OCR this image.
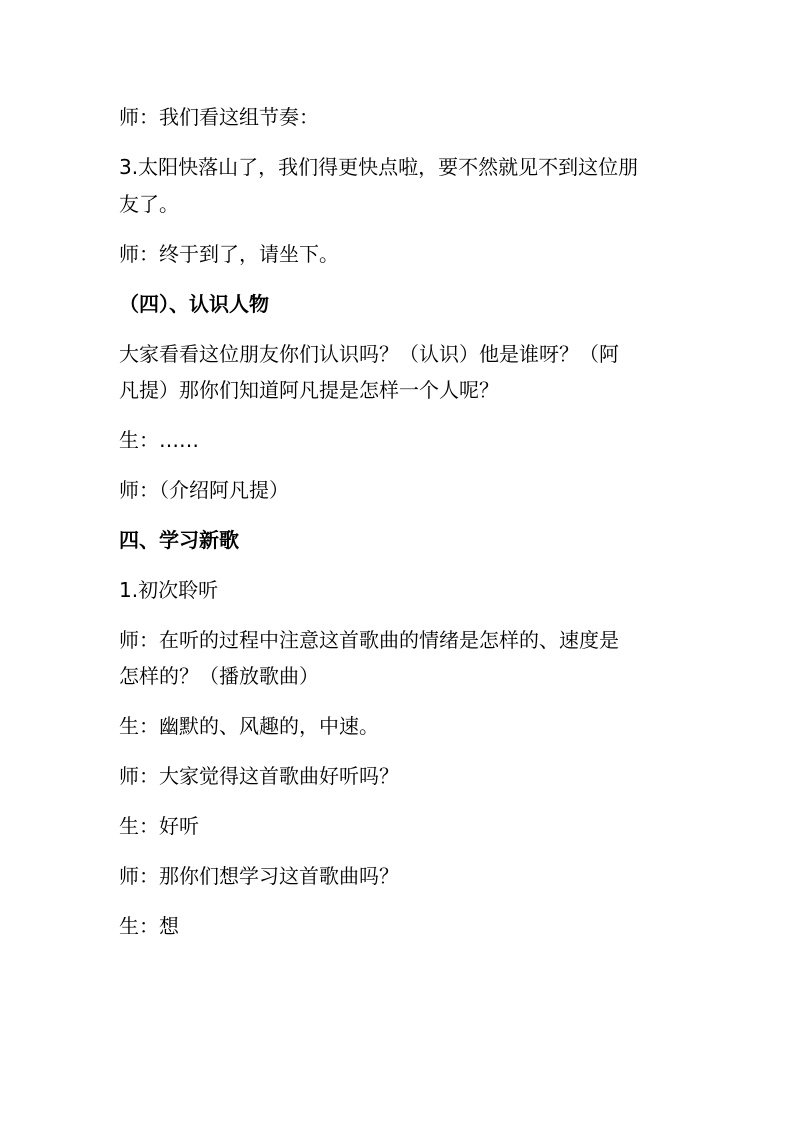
师：我们看这组节奏：
3.太阳快落山了，我们得更快点啦，要不然就见不到这位朋
友了。
师：终于到了，请坐下。
（四）、认识人物
大家看看这位朋友你们认识吗？（认识）他是谁呀？（阿
凡提）那你们知道阿凡提是怎样一个人呢？
生：……
师：（介绍阿凡提）
四、学习新歌
1.初次聆听
师：在听的过程中注意这首歌曲的情绪是怎样的、速度是
怎样的？（播放歌曲）
生：幽默的、风趣的，中速。
师：大家觉得这首歌曲好听吗？
生：好听
师：那你们想学习这首歌曲吗？
生：想
